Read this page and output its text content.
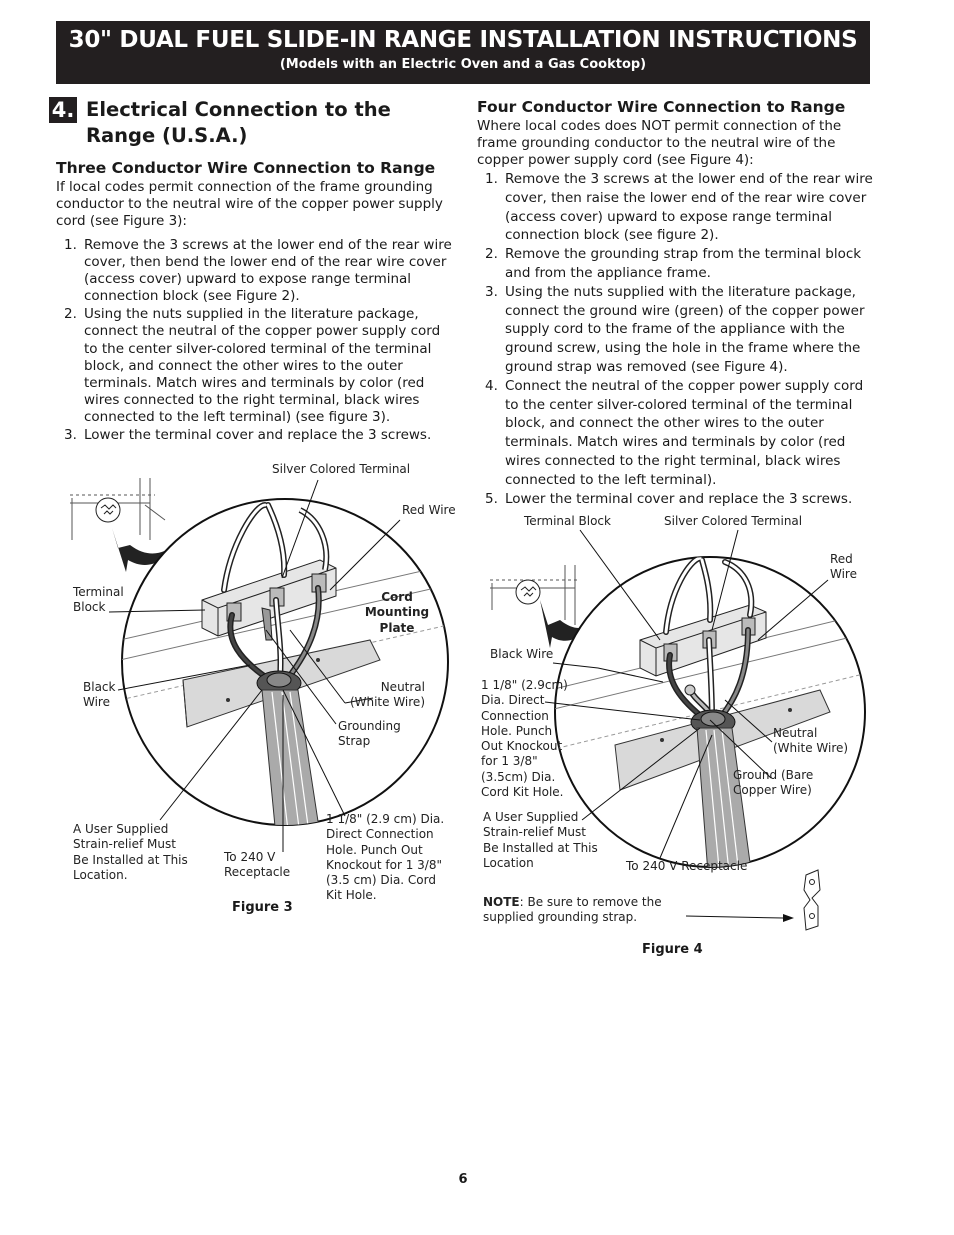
30" DUAL FUEL SLIDE-IN RANGE INSTALLATION INSTRUCTIONS
(Models with an Electric Oven and a Gas Cooktop)
4. Electrical Connection to the Range (U.S.A.)
Three Conductor Wire Connection to Range
If local codes permit connection of the frame grounding conductor to the neutral wire of the copper power supply cord (see Figure 3):
1. Remove the 3 screws at the lower end of the rear wire cover, then bend the lower end of the rear wire cover (access cover) upward to expose range terminal connection block (see Figure 2).
2. Using the nuts supplied in the literature package, connect the neutral of the copper power supply cord to the center silver-colored terminal of the terminal block, and connect the other wires to the outer terminals. Match wires and terminals by color (red wires connected to the right terminal, black wires connected to the left terminal) (see figure 3).
3. Lower the terminal cover and replace the 3 screws.
Four Conductor Wire Connection to Range
Where local codes does NOT permit connection of the frame grounding conductor to the neutral wire of the copper power supply cord (see Figure 4):
1. Remove the 3 screws at the lower end of the rear wire cover, then raise the lower end of the rear wire cover (access cover) upward to expose range terminal connection block (see figure 2).
2. Remove the grounding strap from the terminal block and from the appliance frame.
3. Using the nuts supplied with the literature package, connect the ground wire (green) of the copper power supply cord to the frame of the appliance with the ground screw, using the hole in the frame where the ground strap was removed (see Figure 4).
4. Connect the neutral of the copper power supply cord to the center silver-colored terminal of the terminal block, and connect the other wires to the outer terminals. Match wires and terminals by color (red wires connected to the right terminal, black wires connected to the left terminal).
5. Lower the terminal cover and replace the 3 screws.
Silver Colored Terminal
Red Wire
Terminal Block
Cord Mounting Plate
Black Wire
Neutral (White Wire)
Grounding Strap
A User Supplied Strain-relief Must Be Installed at This Location.
To 240 V Receptacle
1 1/8" (2.9 cm) Dia. Direct Connection Hole. Punch Out Knockout for 1 3/8" (3.5 cm) Dia. Cord Kit Hole.
Figure 3
Terminal Block	Silver Colored Terminal
Red Wire
Black Wire
1 1/8" (2.9cm) Dia. Direct Connection Hole. Punch Out Knockout for 1 3/8" (3.5cm) Dia. Cord Kit Hole.
Neutral (White Wire)
Ground (Bare Copper Wire)
A User Supplied Strain-relief Must Be Installed at This Location	To 240 V Receptacle
NOTE: Be sure to remove the supplied grounding strap.
Figure 4
6
